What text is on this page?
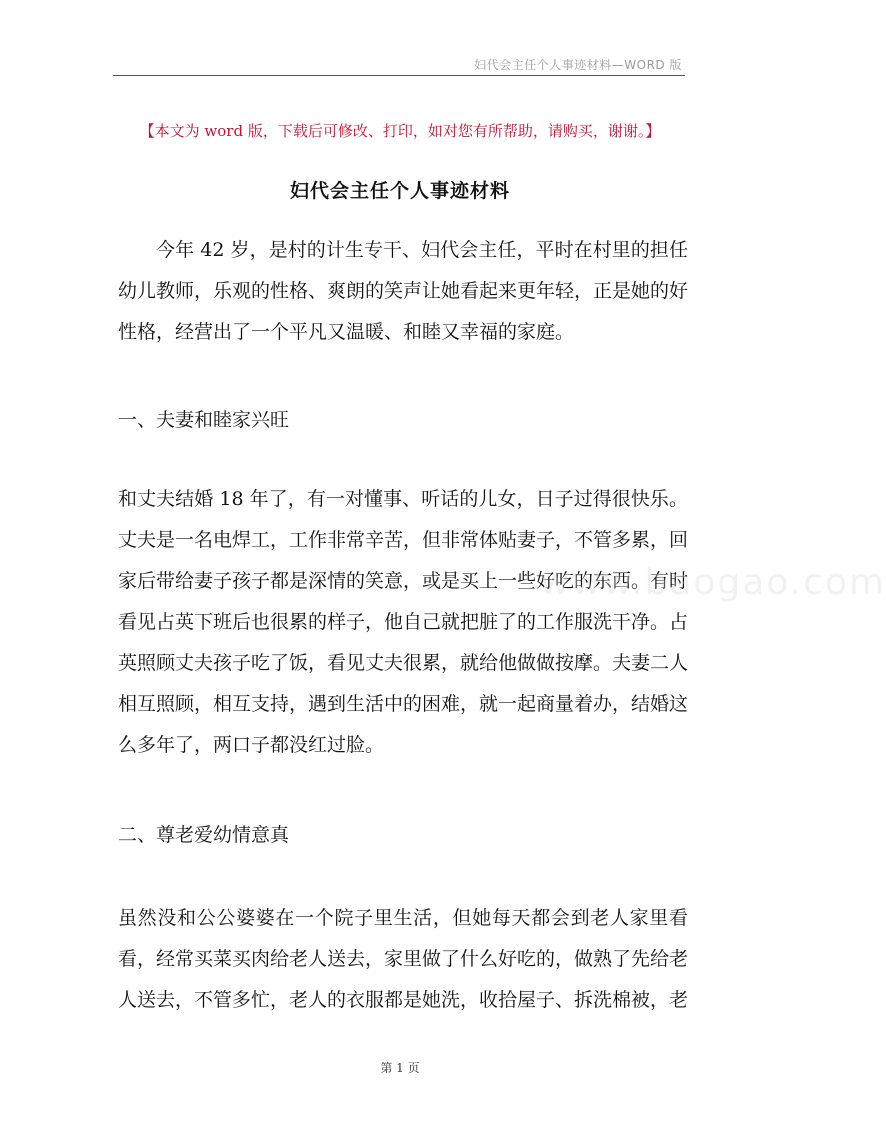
妇代会主任个人事迹材料—WORD 版
【本文为 word 版，下载后可修改、打印，如对您有所帮助，请购买，谢谢。】
妇代会主任个人事迹材料

今年 42 岁，是村的计生专干、妇代会主任，平时在村里的担任幼儿教师，乐观的性格、爽朗的笑声让她看起来更年轻，正是她的好性格，经营出了一个平凡又温暖、和睦又幸福的家庭。

一、夫妻和睦家兴旺

和丈夫结婚 18 年了，有一对懂事、听话的儿女，日子过得很快乐。丈夫是一名电焊工，工作非常辛苦，但非常体贴妻子，不管多累，回家后带给妻子孩子都是深情的笑意，或是买上一些好吃的东西。有时看见占英下班后也很累的样子，他自己就把脏了的工作服洗干净。占英照顾丈夫孩子吃了饭，看见丈夫很累，就给他做做按摩。夫妻二人相互照顾，相互支持，遇到生活中的困难，就一起商量着办，结婚这么多年了，两口子都没红过脸。

二、尊老爱幼情意真

虽然没和公公婆婆在一个院子里生活，但她每天都会到老人家里看看，经常买菜买肉给老人送去，家里做了什么好吃的，做熟了先给老人送去，不管多忙，老人的衣服都是她洗，收拾屋子、拆洗棉被，老

www.baogao.com
第 1 页
